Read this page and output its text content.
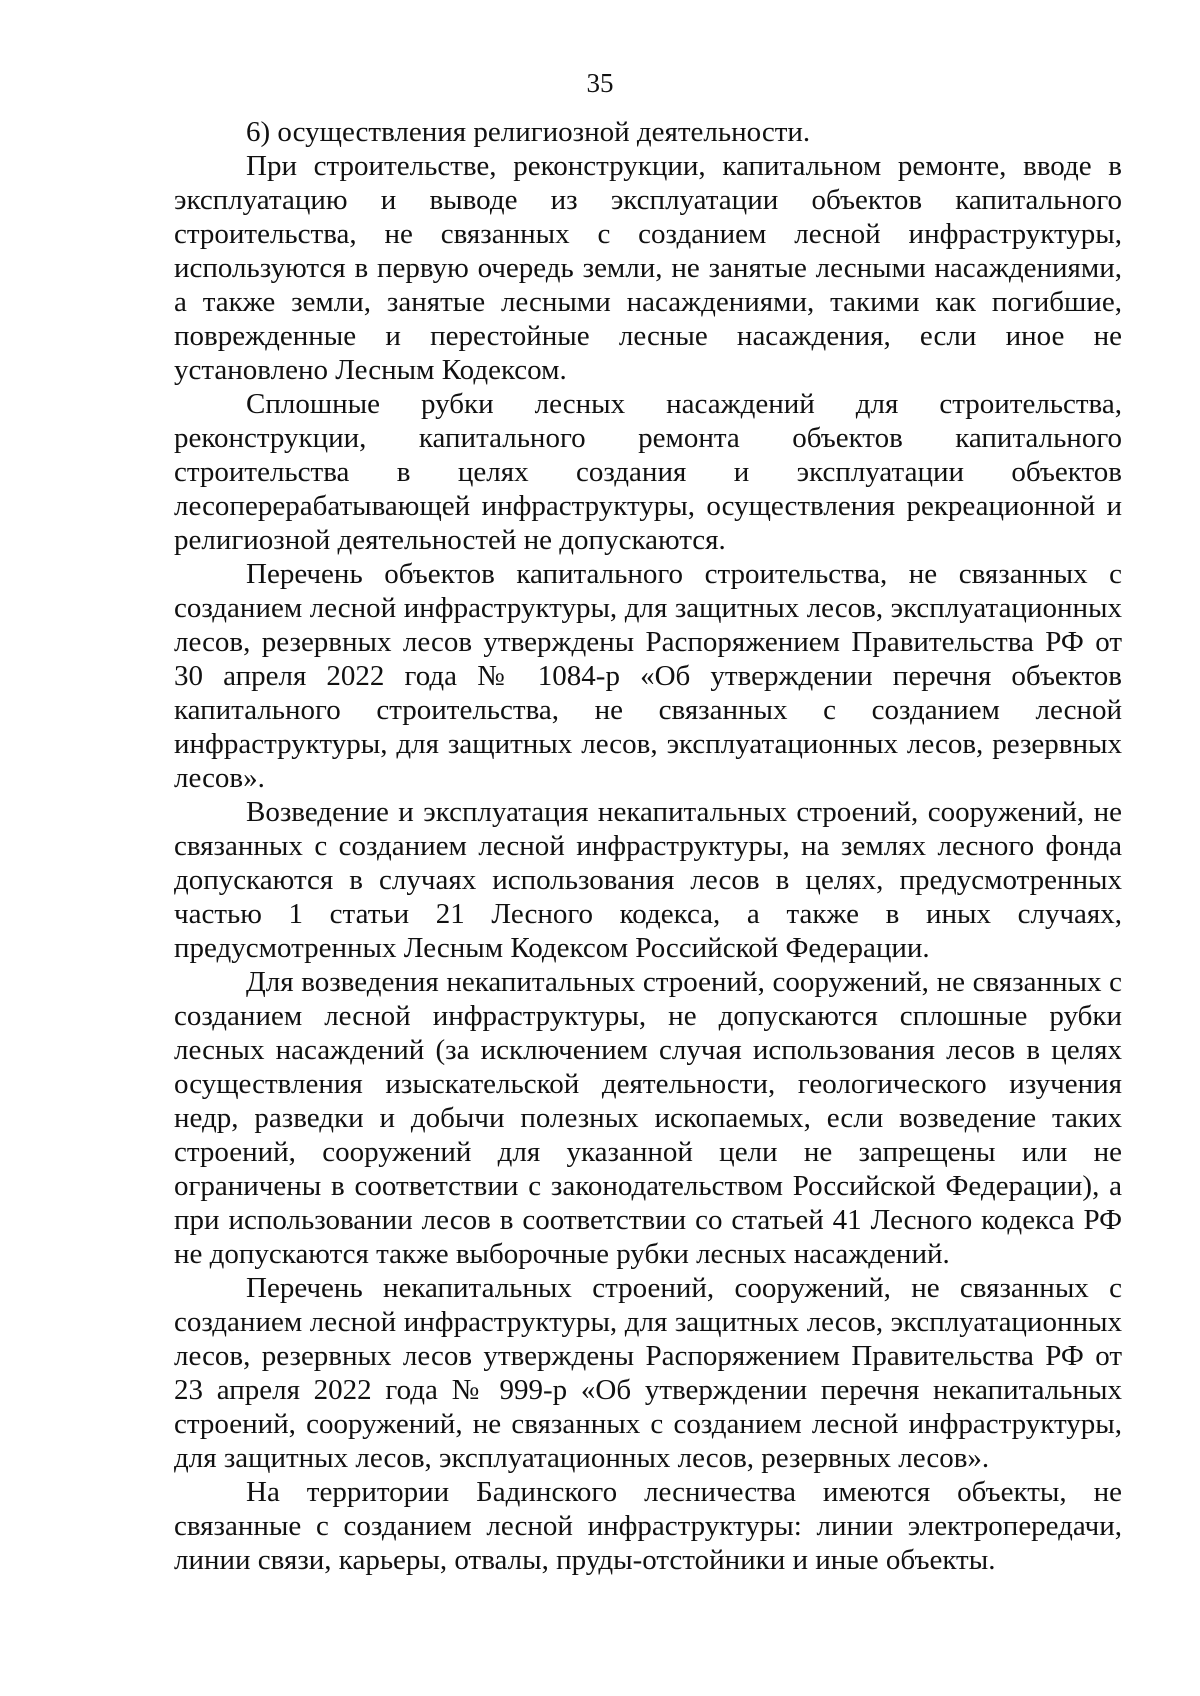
35

6) осуществления религиозной деятельности.

При строительстве, реконструкции, капитальном ремонте, вводе в эксплуатацию и выводе из эксплуатации объектов капитального строительства, не связанных с созданием лесной инфраструктуры, используются в первую очередь земли, не занятые лесными насаждениями, а также земли, занятые лесными насаждениями, такими как погибшие, поврежденные и перестойные лесные насаждения, если иное не установлено Лесным Кодексом.

Сплошные рубки лесных насаждений для строительства, реконструкции, капитального ремонта объектов капитального строительства в целях создания и эксплуатации объектов лесоперерабатывающей инфраструктуры, осуществления рекреационной и религиозной деятельностей не допускаются.

Перечень объектов капитального строительства, не связанных с созданием лесной инфраструктуры, для защитных лесов, эксплуатационных лесов, резервных лесов утверждены Распоряжением Правительства РФ от 30 апреля 2022 года № 1084-р «Об утверждении перечня объектов капитального строительства, не связанных с созданием лесной инфраструктуры, для защитных лесов, эксплуатационных лесов, резервных лесов».

Возведение и эксплуатация некапитальных строений, сооружений, не связанных с созданием лесной инфраструктуры, на землях лесного фонда допускаются в случаях использования лесов в целях, предусмотренных частью 1 статьи 21 Лесного кодекса, а также в иных случаях, предусмотренных Лесным Кодексом Российской Федерации.

Для возведения некапитальных строений, сооружений, не связанных с созданием лесной инфраструктуры, не допускаются сплошные рубки лесных насаждений (за исключением случая использования лесов в целях осуществления изыскательской деятельности, геологического изучения недр, разведки и добычи полезных ископаемых, если возведение таких строений, сооружений для указанной цели не запрещены или не ограничены в соответствии с законодательством Российской Федерации), а при использовании лесов в соответствии со статьей 41 Лесного кодекса РФ не допускаются также выборочные рубки лесных насаждений.

Перечень некапитальных строений, сооружений, не связанных с созданием лесной инфраструктуры, для защитных лесов, эксплуатационных лесов, резервных лесов утверждены Распоряжением Правительства РФ от 23 апреля 2022 года № 999-р «Об утверждении перечня некапитальных строений, сооружений, не связанных с созданием лесной инфраструктуры, для защитных лесов, эксплуатационных лесов, резервных лесов».

На территории Бадинского лесничества имеются объекты, не связанные с созданием лесной инфраструктуры: линии электропередачи, линии связи, карьеры, отвалы, пруды-отстойники и иные объекты.
